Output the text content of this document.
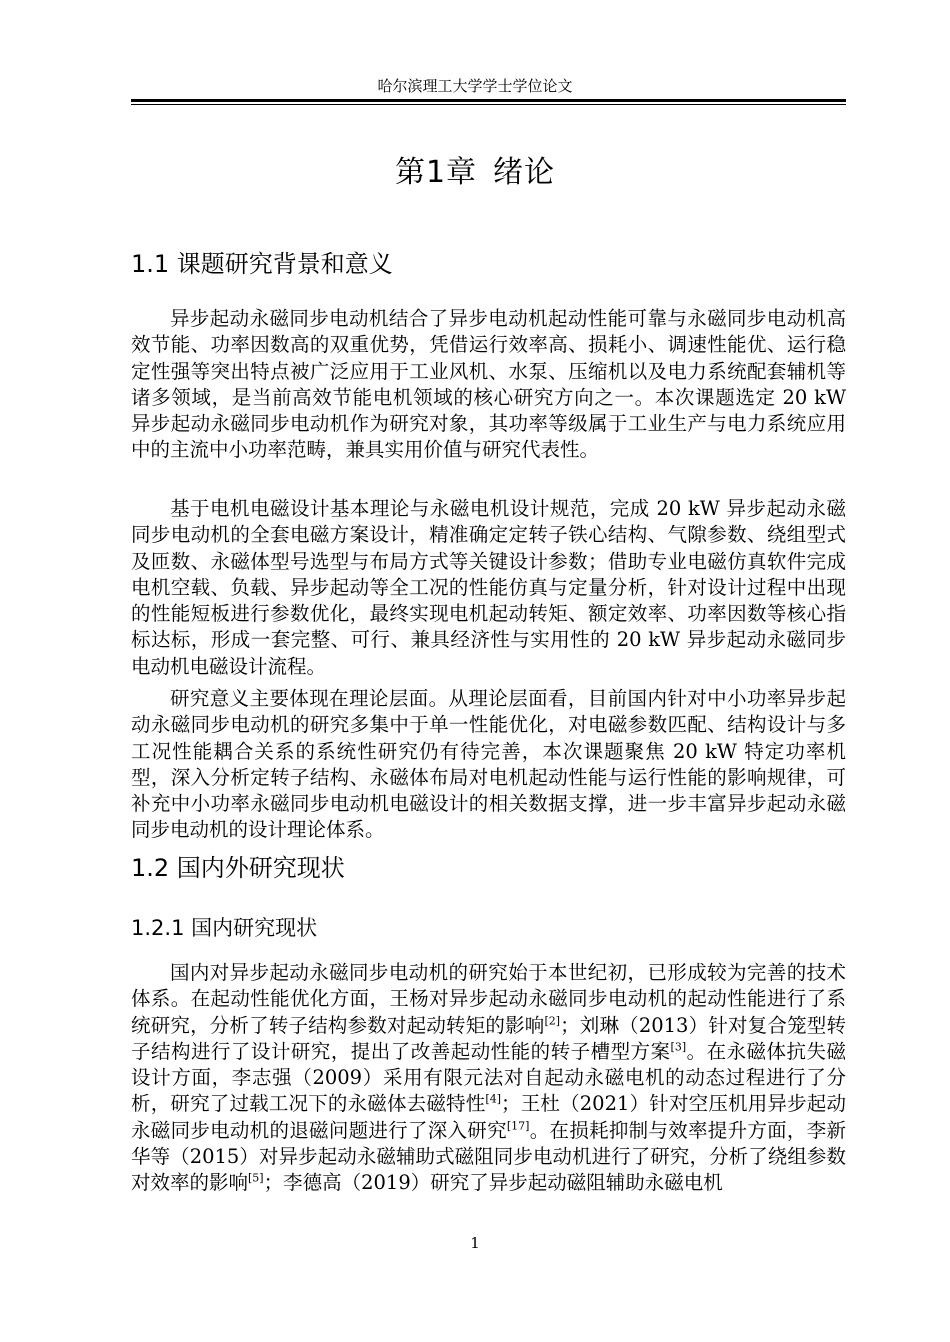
哈尔滨理工大学学士学位论文
第1章 绪论
1.1 课题研究背景和意义

异步起动永磁同步电动机结合了异步电动机起动性能可靠与永磁同步电动机高效节能、功率因数高的双重优势，凭借运行效率高、损耗小、调速性能优、运行稳定性强等突出特点被广泛应用于工业风机、水泵、压缩机以及电力系统配套辅机等诸多领域，是当前高效节能电机领域的核心研究方向之一。本次课题选定 20 kW 异步起动永磁同步电动机作为研究对象，其功率等级属于工业生产与电力系统应用中的主流中小功率范畴，兼具实用价值与研究代表性。

基于电机电磁设计基本理论与永磁电机设计规范，完成 20 kW 异步起动永磁同步电动机的全套电磁方案设计，精准确定定转子铁心结构、气隙参数、绕组型式及匝数、永磁体型号选型与布局方式等关键设计参数；借助专业电磁仿真软件完成电机空载、负载、异步起动等全工况的性能仿真与定量分析，针对设计过程中出现的性能短板进行参数优化，最终实现电机起动转矩、额定效率、功率因数等核心指标达标，形成一套完整、可行、兼具经济性与实用性的 20 kW 异步起动永磁同步电动机电磁设计流程。

研究意义主要体现在理论层面。从理论层面看，目前国内针对中小功率异步起动永磁同步电动机的研究多集中于单一性能优化，对电磁参数匹配、结构设计与多工况性能耦合关系的系统性研究仍有待完善，本次课题聚焦 20 kW 特定功率机型，深入分析定转子结构、永磁体布局对电机起动性能与运行性能的影响规律，可补充中小功率永磁同步电动机电磁设计的相关数据支撑，进一步丰富异步起动永磁同步电动机的设计理论体系。

1.2 国内外研究现状
1.2.1 国内研究现状

国内对异步起动永磁同步电动机的研究始于本世纪初，已形成较为完善的技术体系。在起动性能优化方面，王杨对异步起动永磁同步电动机的起动性能进行了系统研究，分析了转子结构参数对起动转矩的影响[2]；刘琳（2013）针对复合笼型转子结构进行了设计研究，提出了改善起动性能的转子槽型方案[3]。在永磁体抗失磁设计方面，李志强（2009）采用有限元法对自起动永磁电机的动态过程进行了分析，研究了过载工况下的永磁体去磁特性[4]；王杜（2021）针对空压机用异步起动永磁同步电动机的退磁问题进行了深入研究[17]。在损耗抑制与效率提升方面，李新华等（2015）对异步起动永磁辅助式磁阻同步电动机进行了研究，分析了绕组参数对效率的影响[5]；李德高（2019）研究了异步起动磁阻辅助永磁电机

1
